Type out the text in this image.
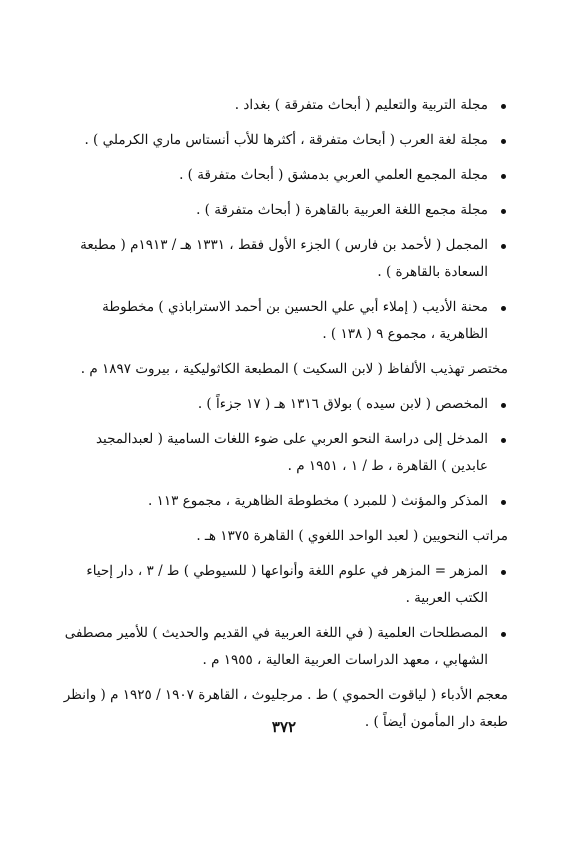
مجلة التربية والتعليم ( أبحاث متفرقة ) بغداد .
مجلة لغة العرب ( أبحاث متفرقة ، أكثرها للأب أنستاس ماري الكرملي ) .
مجلة المجمع العلمي العربي بدمشق ( أبحاث متفرقة ) .
مجلة مجمع اللغة العربية بالقاهرة ( أبحاث متفرقة ) .
المجمل ( لأحمد بن فارس ) الجزء الأول فقط ، ١٣٣١ هـ / ١٩١٣م ( مطبعة السعادة بالقاهرة ) .
محنة الأديب ( إملاء أبي علي الحسين بن أحمد الاستراباذي ) مخطوطة الظاهرية ، مجموع ٩ ( ١٣٨ ) .
مختصر تهذيب الألفاظ ( لابن السكيت ) المطبعة الكاثوليكية ، بيروت ١٨٩٧ م .
المخصص ( لابن سيده ) بولاق ١٣١٦ هـ ( ١٧ جزءاً ) .
المدخل إلى دراسة النحو العربي على ضوء اللغات السامية ( لعبدالمجيد عابدين ) القاهرة ، ط / ١ ، ١٩٥١ م .
المذكر والمؤنث ( للمبرد ) مخطوطة الظاهرية ، مجموع ١١٣ .
مراتب النحويين ( لعبد الواحد اللغوي ) القاهرة ١٣٧٥ هـ .
المزهر = المزهر في علوم اللغة وأنواعها ( للسيوطي ) ط / ٣ ، دار إحياء الكتب العربية .
المصطلحات العلمية ( في اللغة العربية في القديم والحديث ) للأمير مصطفى الشهابي ، معهد الدراسات العربية العالية ، ١٩٥٥ م .
معجم الأدباء ( لياقوت الحموي ) ط . مرجليوث ، القاهرة ١٩٠٧ / ١٩٢٥ م ( وانظر طبعة دار المأمون أيضاً ) .
٣٧٢
